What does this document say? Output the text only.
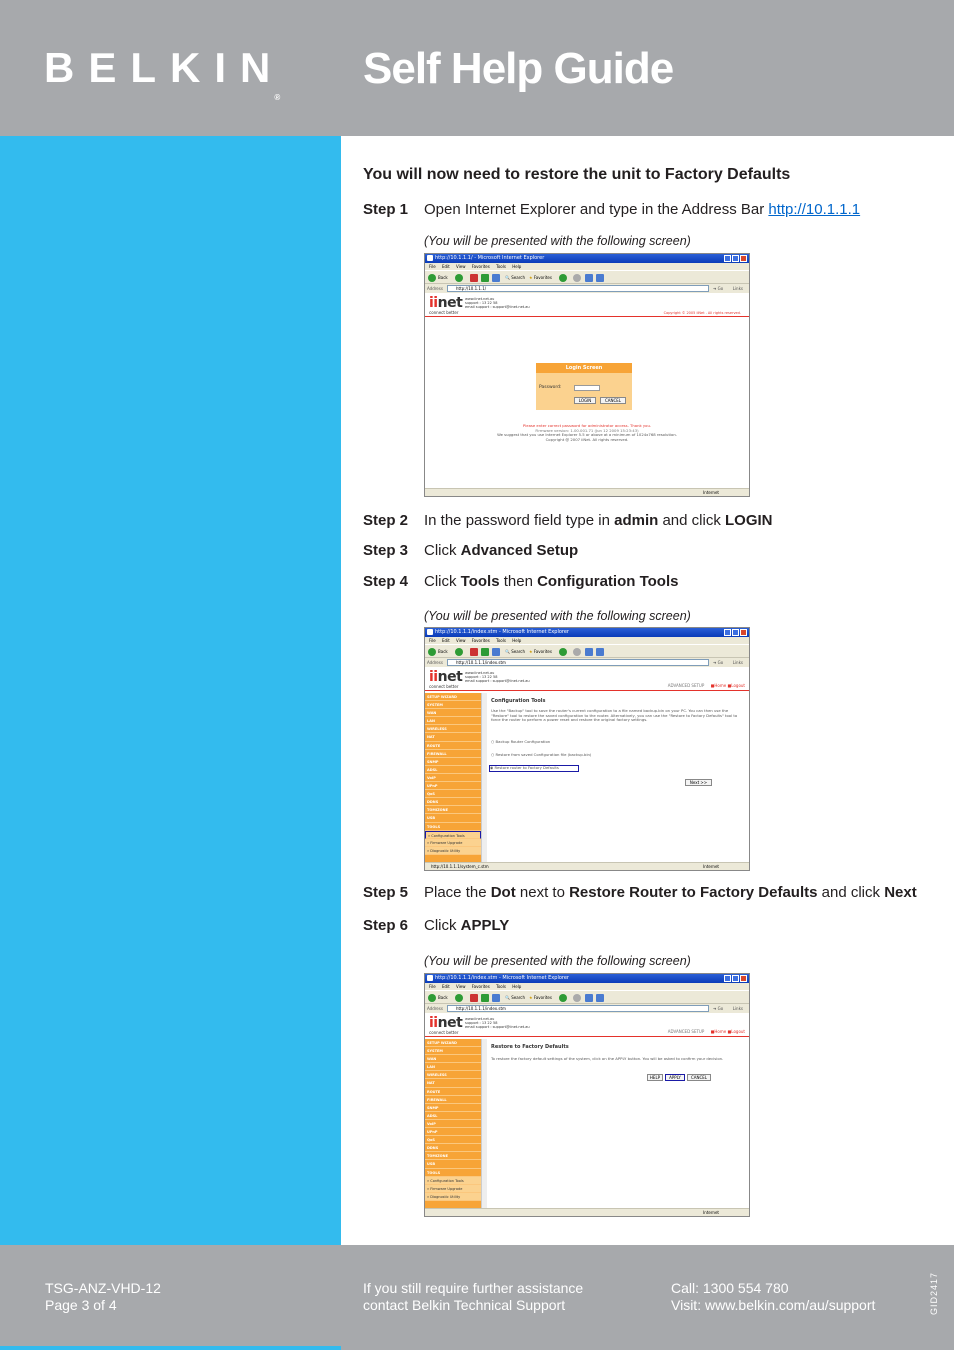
BELKIN®
Self Help Guide
You will now need to restore the unit to Factory Defaults
Step 1 Open Internet Explorer and type in the Address Bar http://10.1.1.1
(You will be presented with the following screen)
Step 2 In the password field type in admin and click LOGIN
Step 3 Click Advanced Setup
Step 4 Click Tools then Configuration Tools
(You will be presented with the following screen)
Step 5 Place the Dot next to Restore Router to Factory Defaults and click Next
Step 6 Click APPLY
(You will be presented with the following screen)
http://10.1.1.1/ - Microsoft Internet Explorer
File Edit View Favorites Tools Help
Back	🔍 Search ★ Favorites
Address	http://10.1.1.1/	➜ Go	Links
iinet
connect better
www.iinet.net.au
support : 13 22 58
email support : support@iinet.net.au
Copyright © 2005 iiNet . All rights reserved.
Login Screen
Password:
LOGIN	CANCEL
Please enter correct password for administrator access. Thank you.
Firmware version: 1.00.001.71 (Jun 12 2009 15:23:43)
We suggest that you use Internet Explorer 5.5 or above at a minimum of 1024x768 resolution.
Copyright @ 2007 iiNet. All rights reserved.
Internet
http://10.1.1.1/index.stm - Microsoft Internet Explorer
File Edit View Favorites Tools Help
Back	🔍 Search ★ Favorites
Address	http://10.1.1.1/index.stm	➜ Go	Links
iinet
connect better
www.iinet.net.au
support : 13 22 58
email support : support@iinet.net.au
ADVANCED SETUP ■Home ■Logout
SETUP WIZARD
SYSTEM
WAN
LAN
WIRELESS
NAT
ROUTE
FIREWALL
SNMP
ADSL
VoIP
UPnP
QoS
DDNS
TOMIZONE
USB
TOOLS
» Configuration Tools
» Firmware Upgrade
» Diagnostic Utility
Configuration Tools
Use the "Backup" tool to save the router's current configuration to a file named backup.bin on your PC. You can then use the "Restore" tool to restore the saved configuration to the router. Alternatively, you can use the "Restore to Factory Defaults" tool to force the router to perform a power reset and restore the original factory settings.
○ Backup Router Configuration
○ Restore from saved Configuration file (backup.bin)
◉ Restore router to Factory Defaults
Next >>
http://10.1.1.1/system_c.stm	Internet
http://10.1.1.1/index.stm - Microsoft Internet Explorer
File Edit View Favorites Tools Help
Back	🔍 Search ★ Favorites
Address	http://10.1.1.1/index.stm	➜ Go	Links
iinet
connect better
www.iinet.net.au
support : 13 22 58
email support : support@iinet.net.au
ADVANCED SETUP ■Home ■Logout
SETUP WIZARD
SYSTEM
WAN
LAN
WIRELESS
NAT
ROUTE
FIREWALL
SNMP
ADSL
VoIP
UPnP
QoS
DDNS
TOMIZONE
USB
TOOLS
» Configuration Tools
» Firmware Upgrade
» Diagnostic Utility
Restore to Factory Defaults
To restore the factory default settings of the system, click on the APPLY button. You will be asked to confirm your decision.
HELP	APPLY	CANCEL
Internet
TSG-ANZ-VHD-12
Page 3 of 4
If you still require further assistance
contact Belkin Technical Support
Call: 1300 554 780
Visit: www.belkin.com/au/support	GID2417
